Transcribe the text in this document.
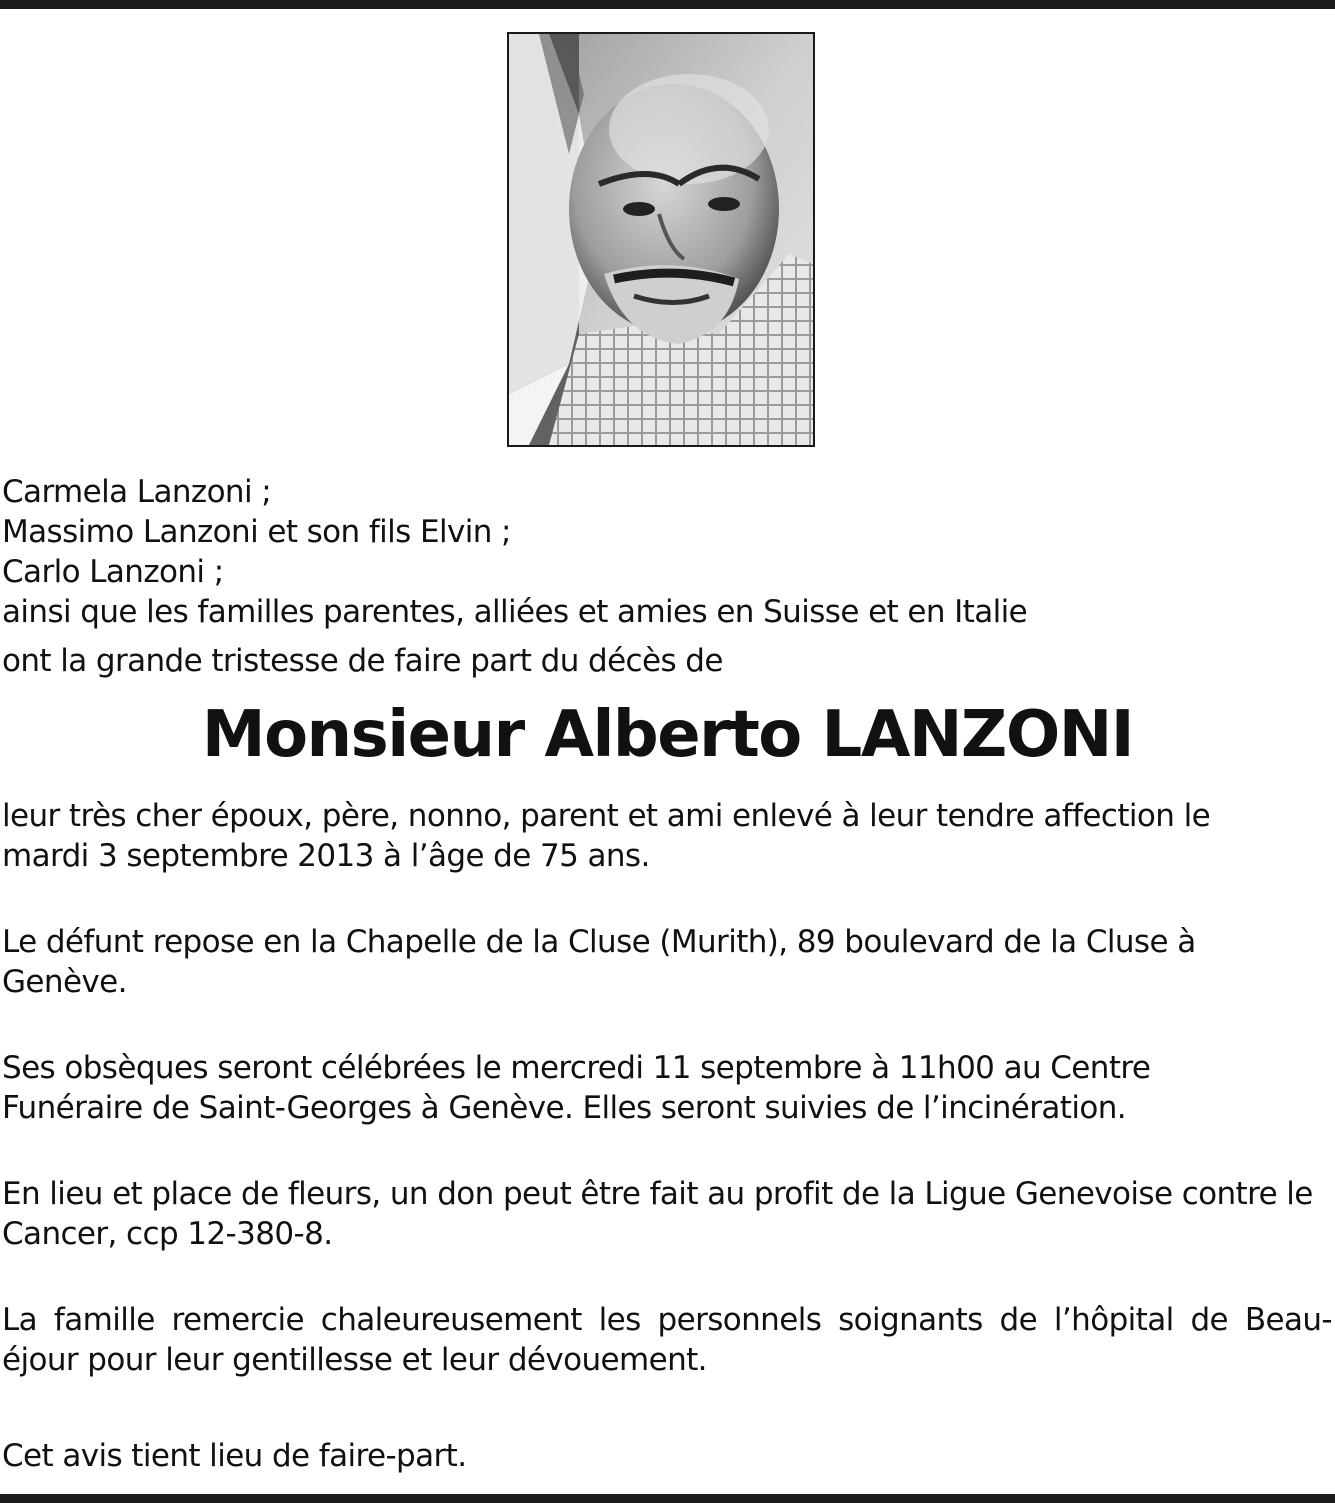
Carmela Lanzoni ;
Massimo Lanzoni et son fils Elvin ;
Carlo Lanzoni ;
ainsi que les familles parentes, alliées et amies en Suisse et en Italie

ont la grande tristesse de faire part du décès de

Monsieur Alberto LANZONI
leur très cher époux, père, nonno, parent et ami enlevé à leur tendre affection le
mardi 3 septembre 2013 à l’âge de 75 ans.
Le défunt repose en la Chapelle de la Cluse (Murith), 89 boulevard de la Cluse à
Genève.
Ses obsèques seront célébrées le mercredi 11 septembre à 11h00 au Centre
Funéraire de Saint-Georges à Genève. Elles seront suivies de l’incinération.
En lieu et place de fleurs, un don peut être fait au profit de la Ligue Genevoise contre le
Cancer, ccp 12-380-8.
La famille remercie chaleureusement les personnels soignants de l’hôpital de Beau-
éjour pour leur gentillesse et leur dévouement.

Cet avis tient lieu de faire-part.
